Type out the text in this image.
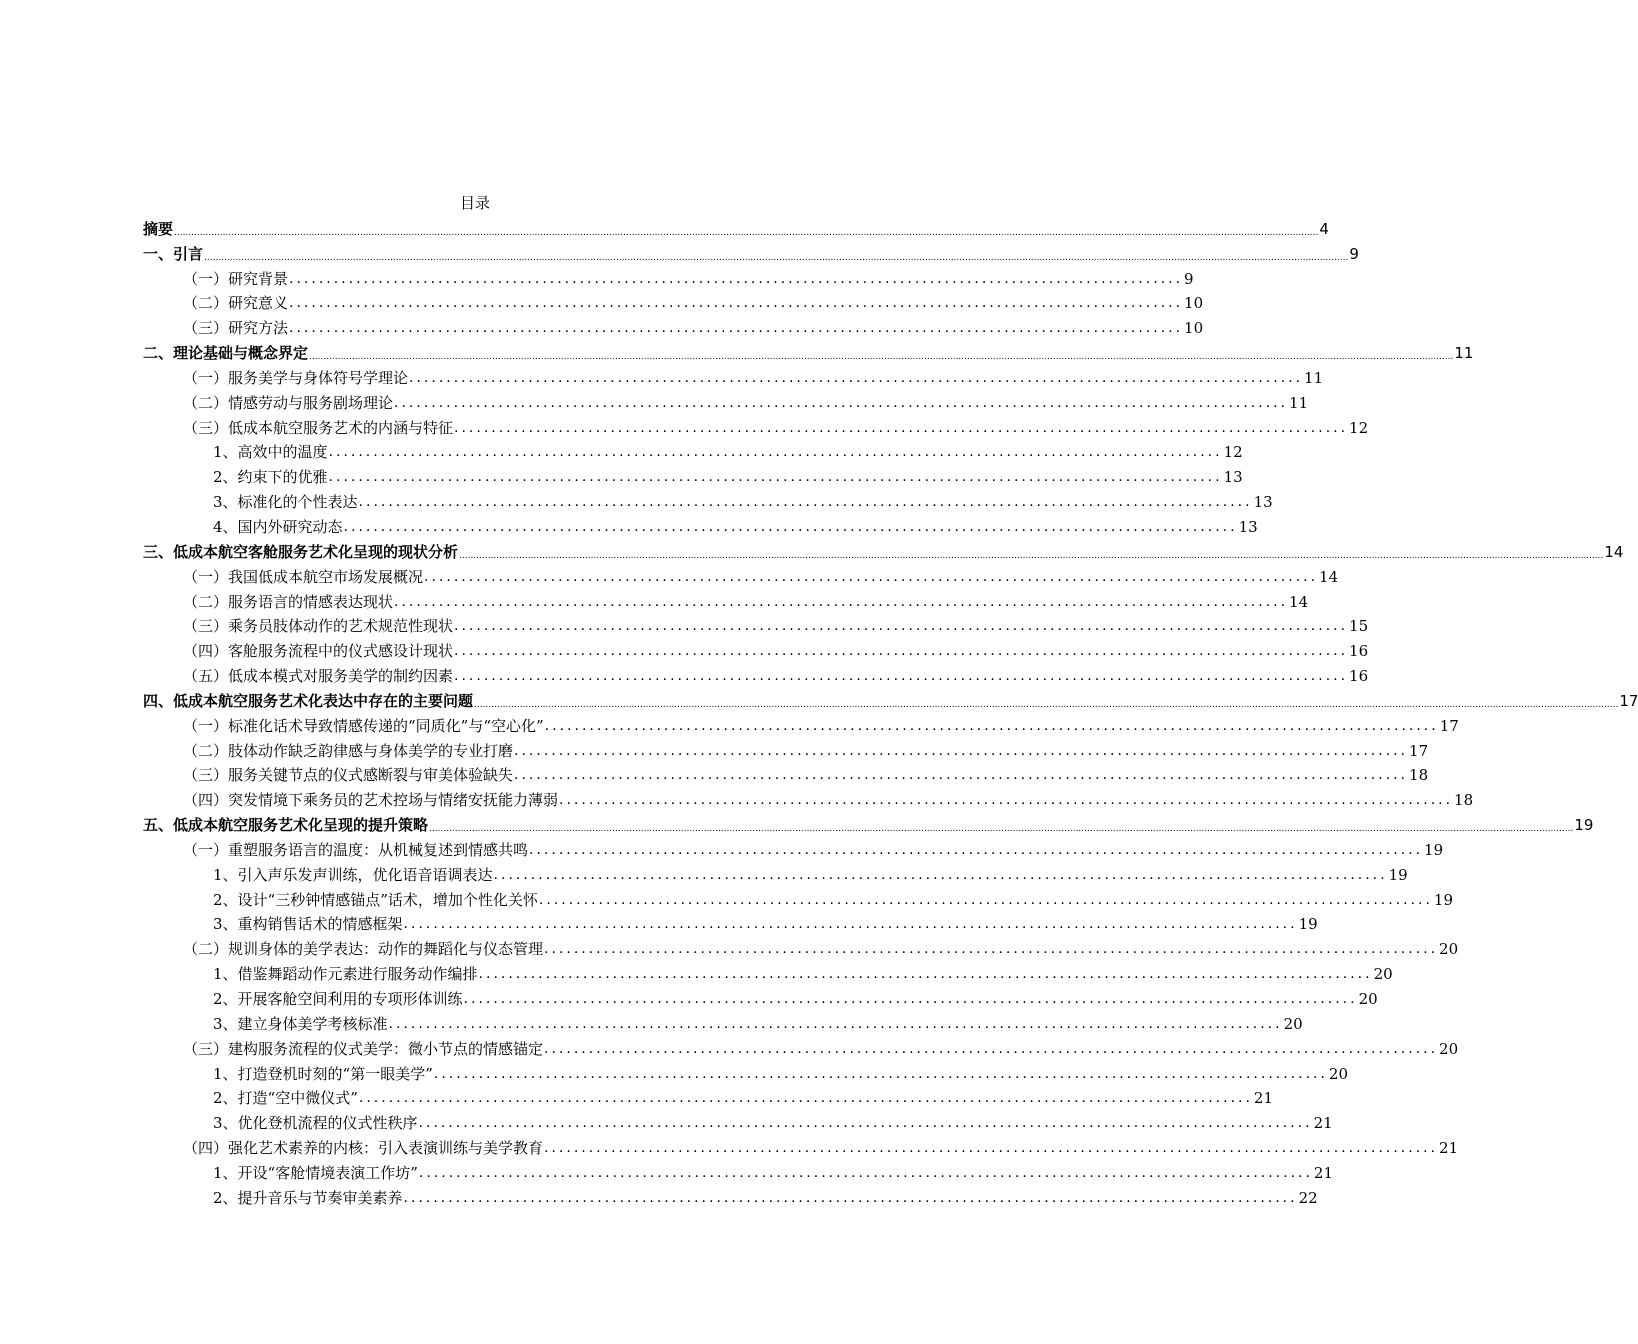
目录
摘要 ................................................................................................................................................................................................................................................................................................................................................................................................................ 4
一、引言 ................................................................................................................................................................................................................................................................................................................................................................................................................ 9
（一）研究背景 ........................................................................................................................ 9
（二）研究意义 ........................................................................................................................ 10
（三）研究方法 ........................................................................................................................ 10
二、理论基础与概念界定 ................................................................................................................................................................................................................................................................................................................................................................................................................ 11
（一）服务美学与身体符号学理论 ........................................................................................................................ 11
（二）情感劳动与服务剧场理论 ........................................................................................................................ 11
（三）低成本航空服务艺术的内涵与特征 ........................................................................................................................ 12
1、高效中的温度 ........................................................................................................................ 12
2、约束下的优雅 ........................................................................................................................ 13
3、标准化的个性表达 ........................................................................................................................ 13
4、国内外研究动态 ........................................................................................................................ 13
三、低成本航空客舱服务艺术化呈现的现状分析 ................................................................................................................................................................................................................................................................................................................................................................................................................ 14
（一）我国低成本航空市场发展概况 ........................................................................................................................ 14
（二）服务语言的情感表达现状 ........................................................................................................................ 14
（三）乘务员肢体动作的艺术规范性现状 ........................................................................................................................ 15
（四）客舱服务流程中的仪式感设计现状 ........................................................................................................................ 16
（五）低成本模式对服务美学的制约因素 ........................................................................................................................ 16
四、低成本航空服务艺术化表达中存在的主要问题 ................................................................................................................................................................................................................................................................................................................................................................................................................ 17
（一）标准化话术导致情感传递的“同质化”与“空心化” ........................................................................................................................ 17
（二）肢体动作缺乏韵律感与身体美学的专业打磨 ........................................................................................................................ 17
（三）服务关键节点的仪式感断裂与审美体验缺失 ........................................................................................................................ 18
（四）突发情境下乘务员的艺术控场与情绪安抚能力薄弱 ........................................................................................................................ 18
五、低成本航空服务艺术化呈现的提升策略 ................................................................................................................................................................................................................................................................................................................................................................................................................ 19
（一）重塑服务语言的温度：从机械复述到情感共鸣 ........................................................................................................................ 19
1、引入声乐发声训练，优化语音语调表达 ........................................................................................................................ 19
2、设计“三秒钟情感锚点”话术，增加个性化关怀 ........................................................................................................................ 19
3、重构销售话术的情感框架 ........................................................................................................................ 19
（二）规训身体的美学表达：动作的舞蹈化与仪态管理 ........................................................................................................................ 20
1、借鉴舞蹈动作元素进行服务动作编排 ........................................................................................................................ 20
2、开展客舱空间利用的专项形体训练 ........................................................................................................................ 20
3、建立身体美学考核标准 ........................................................................................................................ 20
（三）建构服务流程的仪式美学：微小节点的情感锚定 ........................................................................................................................ 20
1、打造登机时刻的“第一眼美学” ........................................................................................................................ 20
2、打造“空中微仪式” ........................................................................................................................ 21
3、优化登机流程的仪式性秩序 ........................................................................................................................ 21
（四）强化艺术素养的内核：引入表演训练与美学教育 ........................................................................................................................ 21
1、开设“客舱情境表演工作坊” ........................................................................................................................ 21
2、提升音乐与节奏审美素养 ........................................................................................................................ 22
